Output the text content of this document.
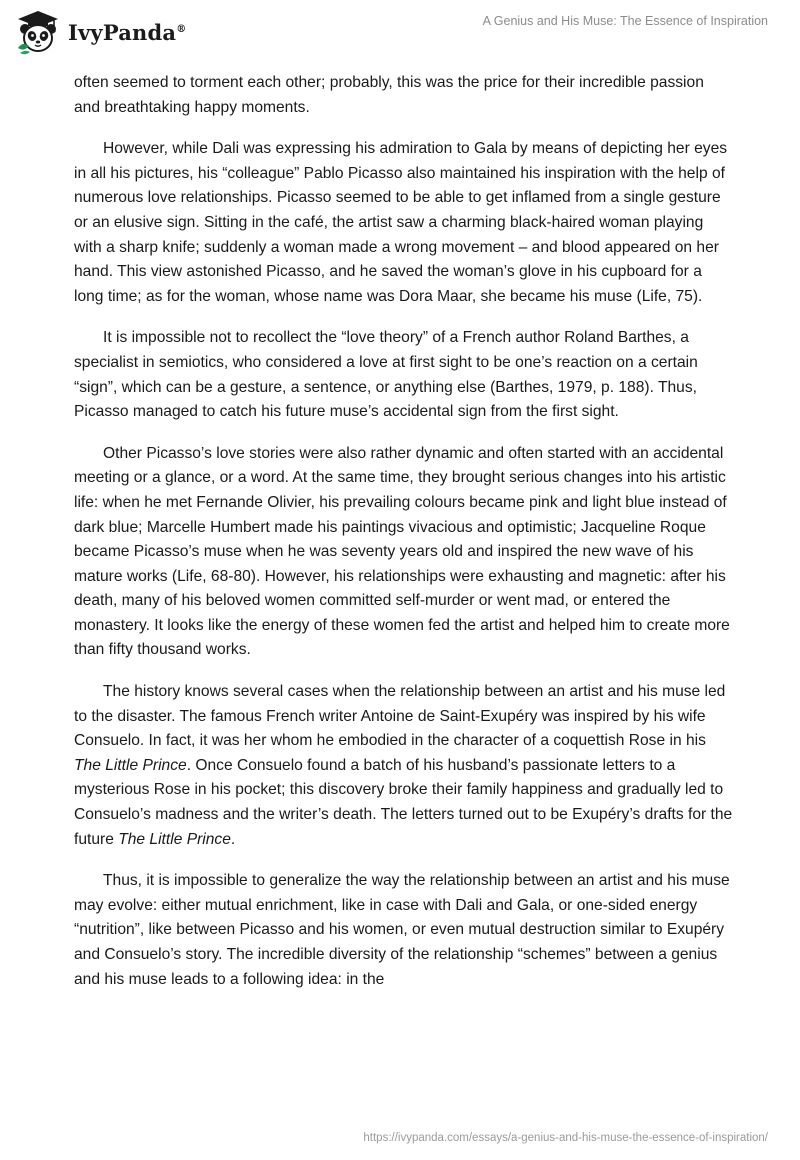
IvyPanda®
A Genius and His Muse: The Essence of Inspiration

often seemed to torment each other; probably, this was the price for their incredible passion and breathtaking happy moments.

However, while Dali was expressing his admiration to Gala by means of depicting her eyes in all his pictures, his “colleague” Pablo Picasso also maintained his inspiration with the help of numerous love relationships. Picasso seemed to be able to get inflamed from a single gesture or an elusive sign. Sitting in the café, the artist saw a charming black-haired woman playing with a sharp knife; suddenly a woman made a wrong movement – and blood appeared on her hand. This view astonished Picasso, and he saved the woman’s glove in his cupboard for a long time; as for the woman, whose name was Dora Maar, she became his muse (Life, 75).

It is impossible not to recollect the “love theory” of a French author Roland Barthes, a specialist in semiotics, who considered a love at first sight to be one’s reaction on a certain “sign”, which can be a gesture, a sentence, or anything else (Barthes, 1979, p. 188). Thus, Picasso managed to catch his future muse’s accidental sign from the first sight.

Other Picasso’s love stories were also rather dynamic and often started with an accidental meeting or a glance, or a word. At the same time, they brought serious changes into his artistic life: when he met Fernande Olivier, his prevailing colours became pink and light blue instead of dark blue; Marcelle Humbert made his paintings vivacious and optimistic; Jacqueline Roque became Picasso’s muse when he was seventy years old and inspired the new wave of his mature works (Life, 68-80). However, his relationships were exhausting and magnetic: after his death, many of his beloved women committed self-murder or went mad, or entered the monastery. It looks like the energy of these women fed the artist and helped him to create more than fifty thousand works.

The history knows several cases when the relationship between an artist and his muse led to the disaster. The famous French writer Antoine de Saint-Exupéry was inspired by his wife Consuelo. In fact, it was her whom he embodied in the character of a coquettish Rose in his The Little Prince. Once Consuelo found a batch of his husband’s passionate letters to a mysterious Rose in his pocket; this discovery broke their family happiness and gradually led to Consuelo’s madness and the writer’s death. The letters turned out to be Exupéry’s drafts for the future The Little Prince.

Thus, it is impossible to generalize the way the relationship between an artist and his muse may evolve: either mutual enrichment, like in case with Dali and Gala, or one-sided energy “nutrition”, like between Picasso and his women, or even mutual destruction similar to Exupéry and Consuelo’s story. The incredible diversity of the relationship “schemes” between a genius and his muse leads to a following idea: in the

https://ivypanda.com/essays/a-genius-and-his-muse-the-essence-of-inspiration/
